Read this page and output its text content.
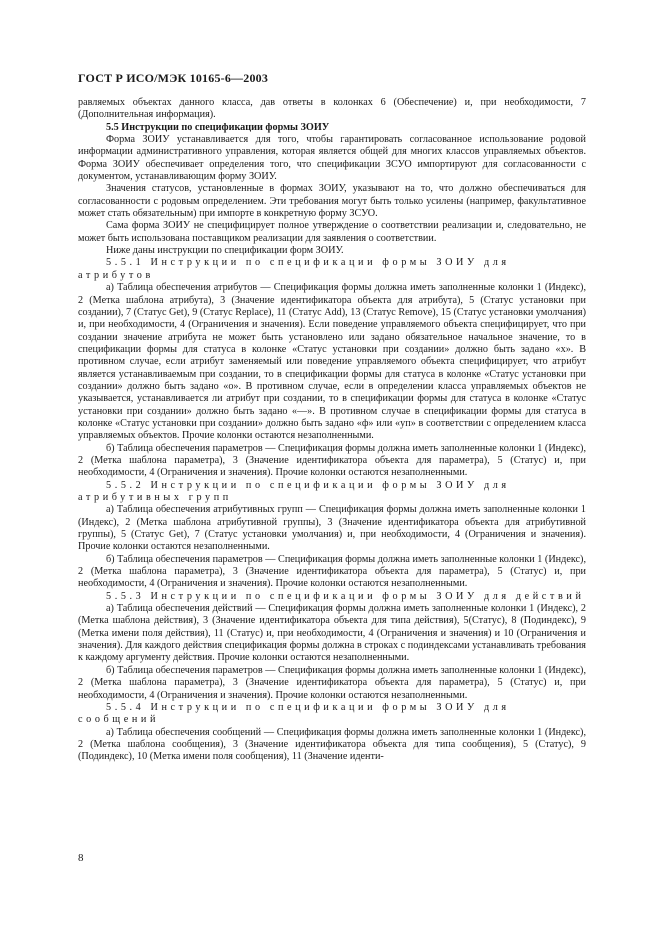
ГОСТ Р ИСО/МЭК 10165-6—2003

равляемых объектах данного класса, дав ответы в колонках 6 (Обеспечение) и, при необходимости, 7 (Дополнительная информация).

5.5 Инструкции по спецификации формы ЗОИУ

Форма ЗОИУ устанавливается для того, чтобы гарантировать согласованное использование родовой информации административного управления, которая является общей для многих классов управляемых объектов. Форма ЗОИУ обеспечивает определения того, что спецификации ЗСУО импортируют для согласованности с документом, устанавливающим форму ЗОИУ.

Значения статусов, установленные в формах ЗОИУ, указывают на то, что должно обеспечиваться для согласованности с родовым определением. Эти требования могут быть только усилены (например, факультативное может стать обязательным) при импорте в конкретную форму ЗСУО.

Сама форма ЗОИУ не специфицирует полное утверждение о соответствии реализации и, следовательно, не может быть использована поставщиком реализации для заявления о соответствии.

Ниже даны инструкции по спецификации форм ЗОИУ.

5.5.1 Инструкции по спецификации формы ЗОИУ для атрибутов

а) Таблица обеспечения атрибутов — Спецификация формы должна иметь заполненные колонки 1 (Индекс), 2 (Метка шаблона атрибута), 3 (Значение идентификатора объекта для атрибута), 5 (Статус установки при создании), 7 (Статус Get), 9 (Статус Replace), 11 (Статус Add), 13 (Статус Remove), 15 (Статус установки умолчания) и, при необходимости, 4 (Ограничения и значения). Если поведение управляемого объекта специфицирует, что при создании значение атрибута не может быть установлено или задано обязательное начальное значение, то в спецификации формы для статуса в колонке «Статус установки при создании» должно быть задано «х». В противном случае, если атрибут заменяемый или поведение управляемого объекта специфицирует, что атрибут является устанавливаемым при создании, то в спецификации формы для статуса в колонке «Статус установки при создании» должно быть задано «о». В противном случае, если в определении класса управляемых объектов не указывается, устанавливается ли атрибут при создании, то в спецификации формы для статуса в колонке «Статус установки при создании» должно быть задано «—». В противном случае в спецификации формы для статуса в колонке «Статус установки при создании» должно быть задано «ф» или «уп» в соответствии с определением класса управляемых объектов. Прочие колонки остаются незаполненными.

б) Таблица обеспечения параметров — Спецификация формы должна иметь заполненные колонки 1 (Индекс), 2 (Метка шаблона параметра), 3 (Значение идентификатора объекта для параметра), 5 (Статус) и, при необходимости, 4 (Ограничения и значения). Прочие колонки остаются незаполненными.

5.5.2 Инструкции по спецификации формы ЗОИУ для атрибутивных групп

а) Таблица обеспечения атрибутивных групп — Спецификация формы должна иметь заполненные колонки 1 (Индекс), 2 (Метка шаблона атрибутивной группы), 3 (Значение идентификатора объекта для атрибутивной группы), 5 (Статус Get), 7 (Статус установки умолчания) и, при необходимости, 4 (Ограничения и значения). Прочие колонки остаются незаполненными.

б) Таблица обеспечения параметров — Спецификация формы должна иметь заполненные колонки 1 (Индекс), 2 (Метка шаблона параметра), 3 (Значение идентификатора объекта для параметра), 5 (Статус) и, при необходимости, 4 (Ограничения и значения). Прочие колонки остаются незаполненными.

5.5.3 Инструкции по спецификации формы ЗОИУ для действий

а) Таблица обеспечения действий — Спецификация формы должна иметь заполненные колонки 1 (Индекс), 2 (Метка шаблона действия), 3 (Значение идентификатора объекта для типа действия), 5(Статус), 8 (Подиндекс), 9 (Метка имени поля действия), 11 (Статус) и, при необходимости, 4 (Ограничения и значения) и 10 (Ограничения и значения). Для каждого действия спецификация формы должна в строках с подиндексами устанавливать требования к каждому аргументу действия. Прочие колонки остаются незаполненными.

б) Таблица обеспечения параметров — Спецификация формы должна иметь заполненные колонки 1 (Индекс), 2 (Метка шаблона параметра), 3 (Значение идентификатора объекта для параметра), 5 (Статус) и, при необходимости, 4 (Ограничения и значения). Прочие колонки остаются незаполненными.

5.5.4 Инструкции по спецификации формы ЗОИУ для сообщений

а) Таблица обеспечения сообщений — Спецификация формы должна иметь заполненные колонки 1 (Индекс), 2 (Метка шаблона сообщения), 3 (Значение идентификатора объекта для типа сообщения), 5 (Статус), 9 (Подиндекс), 10 (Метка имени поля сообщения), 11 (Значение иденти-

8
